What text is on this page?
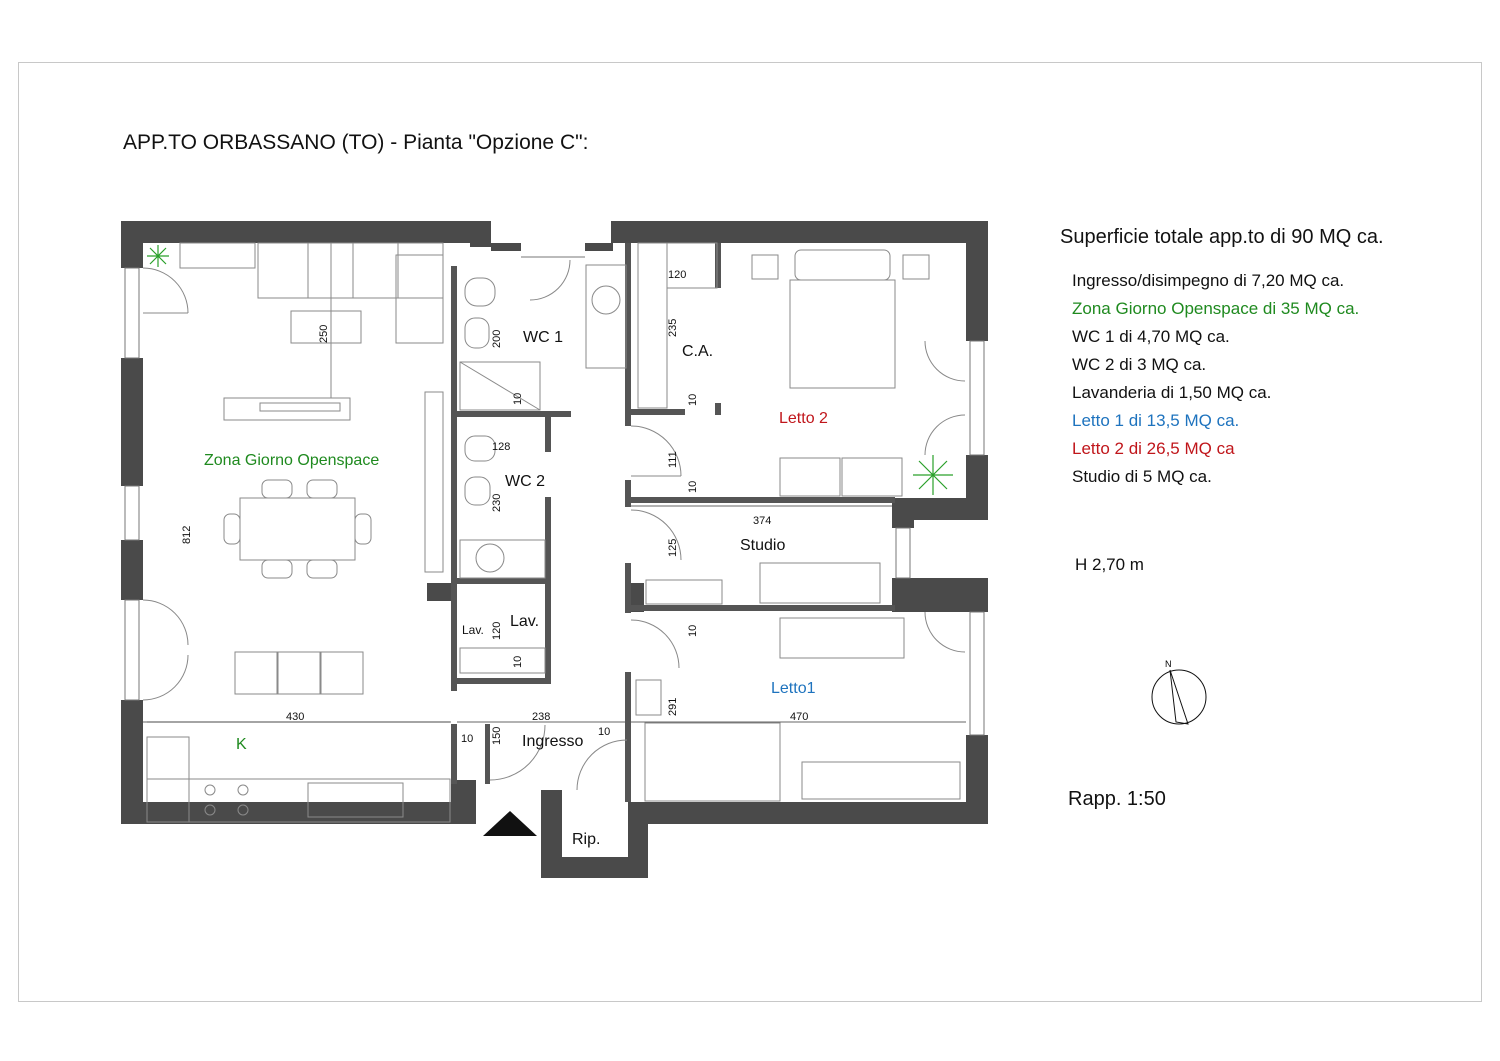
APP.TO ORBASSANO (TO) - Pianta "Opzione C":
N
Zona Giorno Openspace
K
WC 1
WC 2
Lav.
Lav.
C.A.
Letto 2
Studio
Letto1
Ingresso
Rip.
250
812
430
200
10
128
230
120
10
120
235
10
111
10
374
125
10
291
470
238
10 150	10
Superficie totale app.to di 90 MQ ca.
Ingresso/disimpegno di 7,20 MQ ca.
Zona Giorno Openspace di 35 MQ ca.
WC 1 di 4,70 MQ ca.
WC 2 di 3 MQ ca.
Lavanderia di 1,50 MQ ca.
Letto 1 di 13,5 MQ ca.
Letto 2 di 26,5 MQ ca
Studio di 5 MQ ca.
H 2,70 m
Rapp. 1:50
